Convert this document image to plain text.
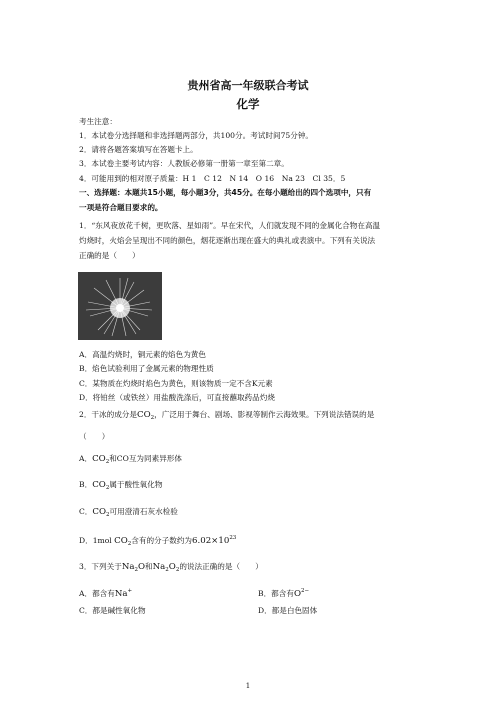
贵州省高一年级联合考试
化学
考生注意：
1．本试卷分选择题和非选择题两部分，共100分。考试时间75分钟。
2．请将各题答案填写在答题卡上。
3．本试卷主要考试内容：人教版必修第一册第一章至第二章。
4．可能用到的相对原子质量：H 1　C 12　N 14　O 16　Na 23　Cl 35．5
一、选择题：本题共15小题，每小题3分，共45分。在每小题给出的四个选项中，只有
一项是符合题目要求的。
1．“东风夜放花千树，更吹落、星如雨”。早在宋代，人们就发现不同的金属化合物在高温
灼烧时，火焰会呈现出不同的颜色，烟花逐渐出现在盛大的典礼或表演中。下列有关说法
正确的是（　　）
A．高温灼烧时，铜元素的焰色为黄色
B．焰色试验利用了金属元素的物理性质
C．某物质在灼烧时焰色为黄色，则该物质一定不含K元素
D．将铂丝（或铁丝）用盐酸洗涤后，可直接蘸取药品灼烧
2．干冰的成分是$CO_2$，广泛用于舞台、剧场、影视等制作云海效果。下列说法错误的是
（　　）
A．$CO_2$和CO互为同素异形体
B．$CO_2$属于酸性氧化物
C．$CO_2$可用澄清石灰水检验
D．1mol $CO_2$含有的分子数约为$6.02\times 10^{23}$
3．下列关于$Na_2O$和$Na_2O_2$的说法正确的是（　　）
A．都含有Na+	B．都含有$O^{2-}$
C．都是碱性氧化物	D．都是白色固体
1
